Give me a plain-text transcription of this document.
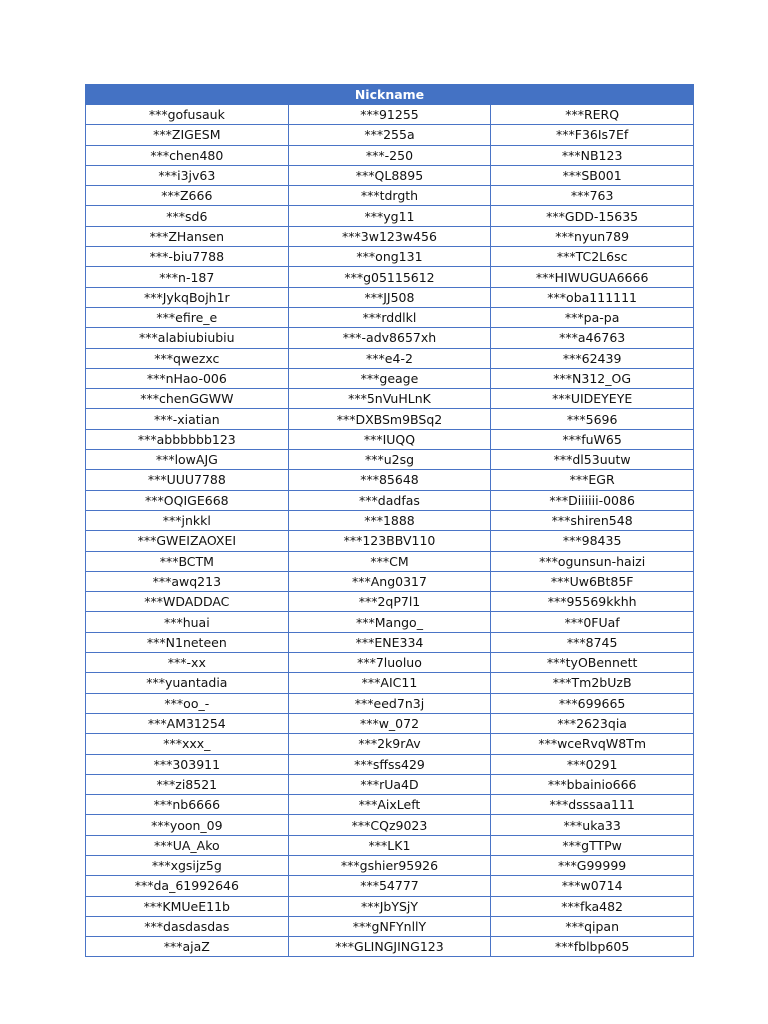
Nickname		
***gofusauk	***91255	***RERQ
***ZIGESM	***255a	***F36Is7Ef
***chen480	***-250	***NB123
***i3jv63	***QL8895	***SB001
***Z666	***tdrgth	***763
***sd6	***yg11	***GDD-15635
***ZHansen	***3w123w456	***nyun789
***-biu7788	***ong131	***TC2L6sc
***n-187	***g05115612	***HIWUGUA6666
***JykqBojh1r	***JJ508	***oba111111
***efire_e	***rddlkl	***pa-pa
***alabiubiubiu	***-adv8657xh	***a46763
***qwezxc	***e4-2	***62439
***nHao-006	***geage	***N312_OG
***chenGGWW	***5nVuHLnK	***UIDEYEYE
***-xiatian	***DXBSm9BSq2	***5696
***abbbbbb123	***IUQQ	***fuW65
***lowAJG	***u2sg	***dl53uutw
***UUU7788	***85648	***EGR
***OQIGE668	***dadfas	***Diiiiii-0086
***jnkkl	***1888	***shiren548
***GWEIZAOXEI	***123BBV110	***98435
***BCTM	***CM	***ogunsun-haizi
***awq213	***Ang0317	***Uw6Bt85F
***WDADDAC	***2qP7l1	***95569kkhh
***huai	***Mango_	***0FUaf
***N1neteen	***ENE334	***8745
***-xx	***7luoluo	***tyOBennett
***yuantadia	***AIC11	***Tm2bUzB
***oo_-	***eed7n3j	***699665
***AM31254	***w_072	***2623qia
***xxx_	***2k9rAv	***wceRvqW8Tm
***303911	***sffss429	***0291
***zi8521	***rUa4D	***bbainio666
***nb6666	***AixLeft	***dsssaa111
***yoon_09	***CQz9023	***uka33
***UA_Ako	***LK1	***gTTPw
***xgsijz5g	***gshier95926	***G99999
***da_61992646	***54777	***w0714
***KMUeE11b	***JbYSjY	***fka482
***dasdasdas	***gNFYnllY	***qipan
***ajaZ	***GLINGJING123	***fblbp605
